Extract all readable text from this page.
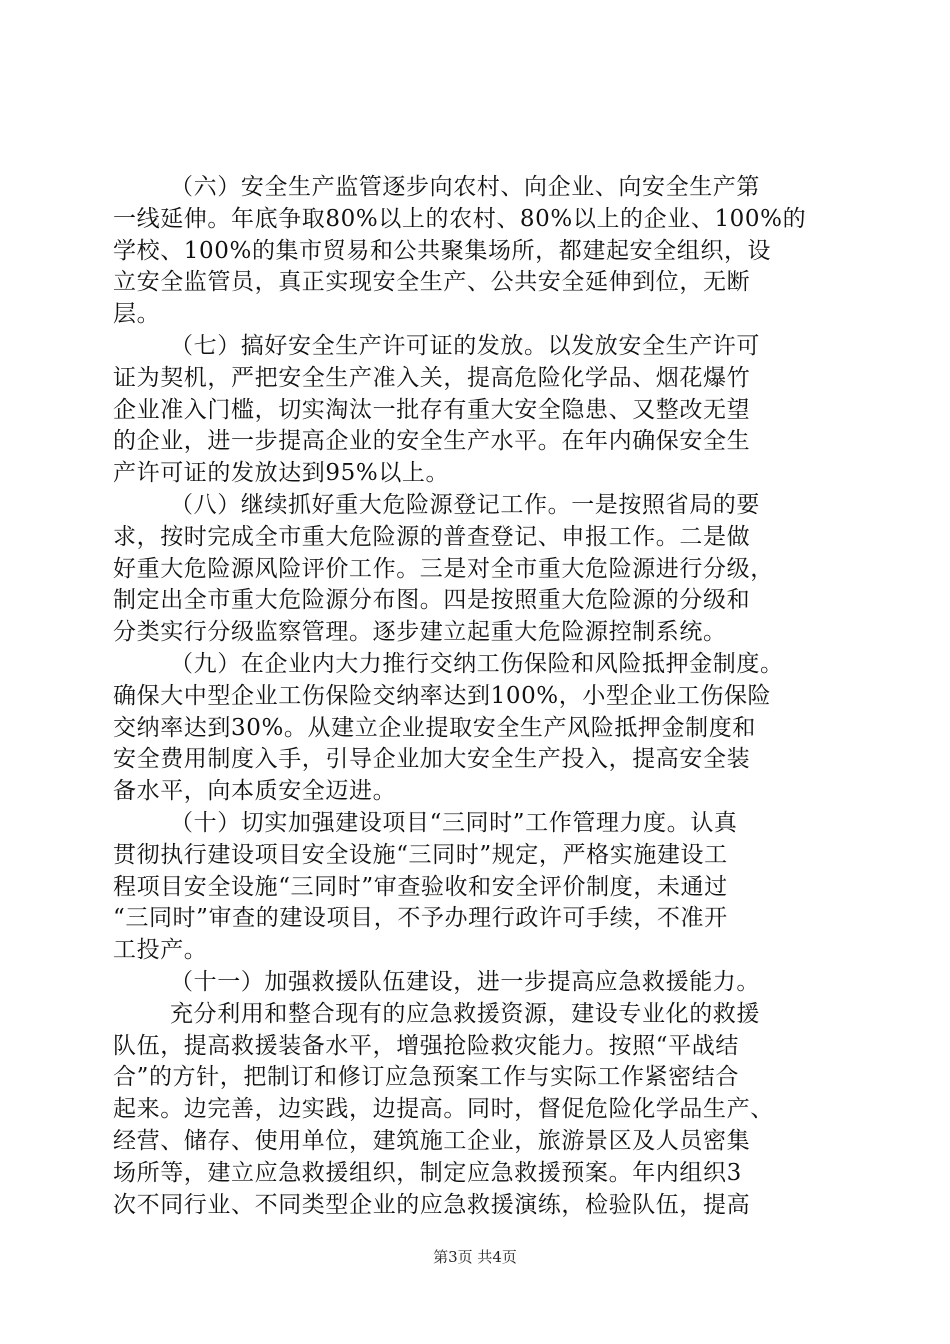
（六）安全生产监管逐步向农村、向企业、向安全生产第
一线延伸。年底争取80%以上的农村、80%以上的企业、100%的
学校、100%的集市贸易和公共聚集场所，都建起安全组织，设
立安全监管员，真正实现安全生产、公共安全延伸到位，无断
层。
（七）搞好安全生产许可证的发放。以发放安全生产许可
证为契机，严把安全生产准入关，提高危险化学品、烟花爆竹
企业准入门槛，切实淘汰一批存有重大安全隐患、又整改无望
的企业，进一步提高企业的安全生产水平。在年内确保安全生
产许可证的发放达到95%以上。
（八）继续抓好重大危险源登记工作。一是按照省局的要
求，按时完成全市重大危险源的普查登记、申报工作。二是做
好重大危险源风险评价工作。三是对全市重大危险源进行分级，
制定出全市重大危险源分布图。四是按照重大危险源的分级和
分类实行分级监察管理。逐步建立起重大危险源控制系统。
（九）在企业内大力推行交纳工伤保险和风险抵押金制度。
确保大中型企业工伤保险交纳率达到100%，小型企业工伤保险
交纳率达到30%。从建立企业提取安全生产风险抵押金制度和
安全费用制度入手，引导企业加大安全生产投入，提高安全装
备水平，向本质安全迈进。
（十）切实加强建设项目“三同时”工作管理力度。认真
贯彻执行建设项目安全设施“三同时”规定，严格实施建设工
程项目安全设施“三同时”审查验收和安全评价制度，未通过
“三同时”审查的建设项目，不予办理行政许可手续，不准开
工投产。
（十一）加强救援队伍建设，进一步提高应急救援能力。
充分利用和整合现有的应急救援资源，建设专业化的救援
队伍，提高救援装备水平，增强抢险救灾能力。按照“平战结
合”的方针，把制订和修订应急预案工作与实际工作紧密结合
起来。边完善，边实践，边提高。同时，督促危险化学品生产、
经营、储存、使用单位，建筑施工企业，旅游景区及人员密集
场所等，建立应急救援组织，制定应急救援预案。年内组织3
次不同行业、不同类型企业的应急救援演练，检验队伍，提高
第3页 共4页
